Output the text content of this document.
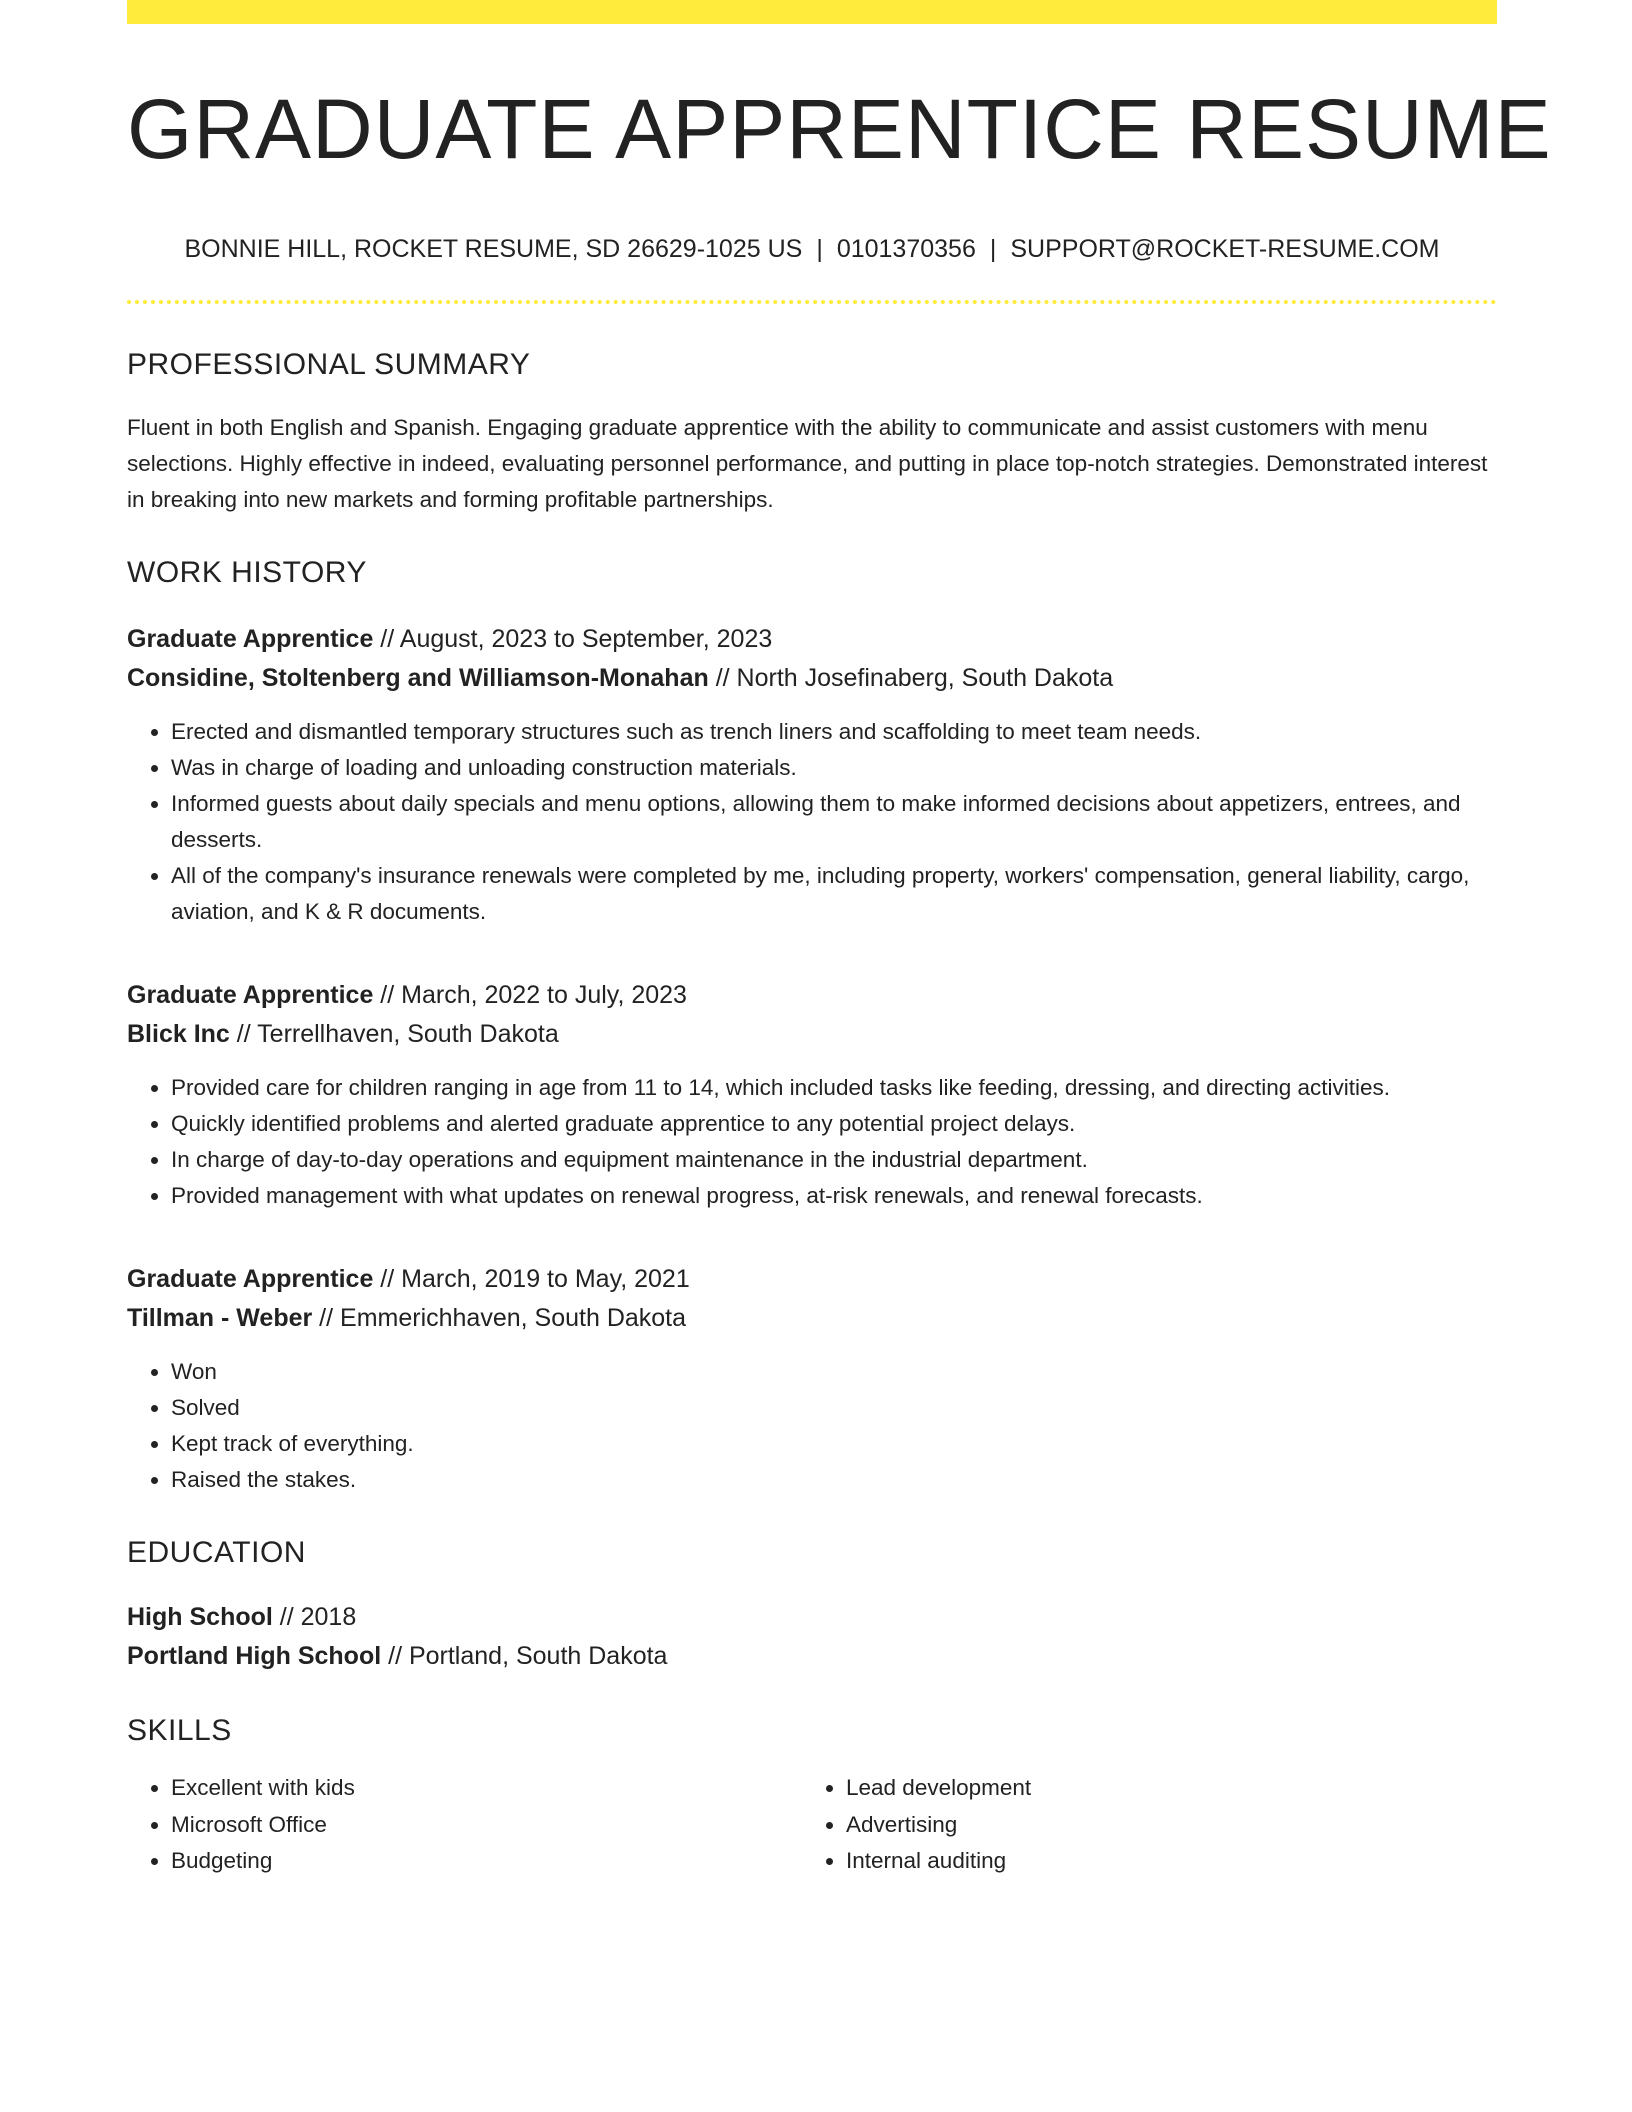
GRADUATE APPRENTICE RESUME
BONNIE HILL, ROCKET RESUME, SD 26629-1025 US | 0101370356 | SUPPORT@ROCKET-RESUME.COM
PROFESSIONAL SUMMARY

Fluent in both English and Spanish. Engaging graduate apprentice with the ability to communicate and assist customers with menu selections. Highly effective in indeed, evaluating personnel performance, and putting in place top-notch strategies. Demonstrated interest in breaking into new markets and forming profitable partnerships.

WORK HISTORY
Graduate Apprentice // August, 2023 to September, 2023
Considine, Stoltenberg and Williamson-Monahan // North Josefinaberg, South Dakota
• Erected and dismantled temporary structures such as trench liners and scaffolding to meet team needs.
• Was in charge of loading and unloading construction materials.
• Informed guests about daily specials and menu options, allowing them to make informed decisions about appetizers, entrees, and desserts.
• All of the company's insurance renewals were completed by me, including property, workers' compensation, general liability, cargo, aviation, and K & R documents.
Graduate Apprentice // March, 2022 to July, 2023
Blick Inc // Terrellhaven, South Dakota
• Provided care for children ranging in age from 11 to 14, which included tasks like feeding, dressing, and directing activities.
• Quickly identified problems and alerted graduate apprentice to any potential project delays.
• In charge of day-to-day operations and equipment maintenance in the industrial department.
• Provided management with what updates on renewal progress, at-risk renewals, and renewal forecasts.
Graduate Apprentice // March, 2019 to May, 2021
Tillman - Weber // Emmerichhaven, South Dakota
• Won
• Solved
• Kept track of everything.
• Raised the stakes.
EDUCATION
High School // 2018
Portland High School // Portland, South Dakota
SKILLS
• Excellent with kids
• Microsoft Office
• Budgeting
• Lead development
• Advertising
• Internal auditing
